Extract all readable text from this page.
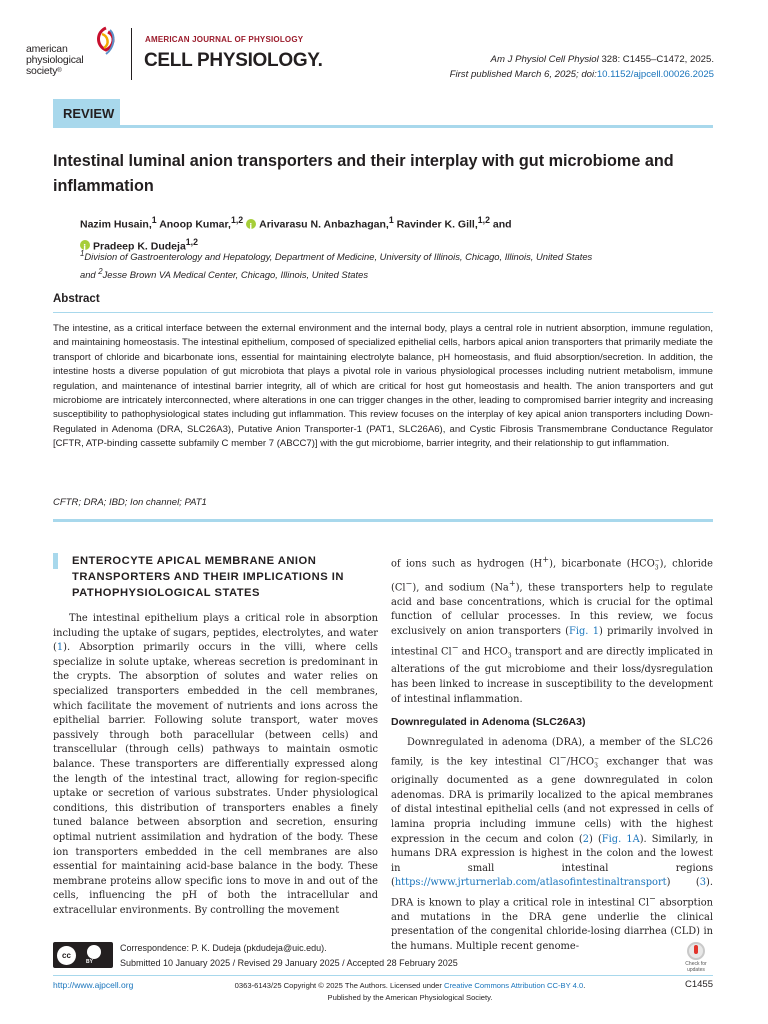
american
physiological
society®
AMERICAN JOURNAL OF PHYSIOLOGY
CELL PHYSIOLOGY.	Am J Physiol Cell Physiol 328: C1455–C1472, 2025.
First published March 6, 2025; doi:10.1152/ajpcell.00026.2025
REVIEW
Intestinal luminal anion transporters and their interplay with gut microbiome and inflammation
Nazim Husain,$^1$ Anoop Kumar,$^{1,2}$i Arivarasu N. Anbazhagan,$^1$ Ravinder K. Gill,$^{1,2}$ and
iPradeep K. Dudeja$^{1,2}$
$^1$Division of Gastroenterology and Hepatology, Department of Medicine, University of Illinois, Chicago, Illinois, United States
and $^2$Jesse Brown VA Medical Center, Chicago, Illinois, United States
Abstract
The intestine, as a critical interface between the external environment and the internal body, plays a central role in nutrient absorption, immune regulation, and maintaining homeostasis. The intestinal epithelium, composed of specialized epithelial cells, harbors apical anion transporters that primarily mediate the transport of chloride and bicarbonate ions, essential for maintaining electrolyte balance, pH homeostasis, and fluid absorption/secretion. In addition, the intestine hosts a diverse population of gut microbiota that plays a pivotal role in various physiological processes including nutrient metabolism, immune regulation, and maintenance of intestinal barrier integrity, all of which are critical for host gut homeostasis and health. The anion transporters and gut microbiome are intricately interconnected, where alterations in one can trigger changes in the other, leading to compromised barrier integrity and increasing susceptibility to pathophysiological states including gut inflammation. This review focuses on the interplay of key apical anion transporters including Down-Regulated in Adenoma (DRA, SLC26A3), Putative Anion Transporter-1 (PAT1, SLC26A6), and Cystic Fibrosis Transmembrane Conductance Regulator [CFTR, ATP-binding cassette subfamily C member 7 (ABCC7)] with the gut microbiome, barrier integrity, and their relationship to gut inflammation.
CFTR; DRA; IBD; Ion channel; PAT1
ENTEROCYTE APICAL MEMBRANE ANION TRANSPORTERS AND THEIR IMPLICATIONS IN PATHOPHYSIOLOGICAL STATES

The intestinal epithelium plays a critical role in absorption including the uptake of sugars, peptides, electrolytes, and water (1). Absorption primarily occurs in the villi, where cells specialize in solute uptake, whereas secretion is predominant in the crypts. The absorption of solutes and water relies on specialized transporters embedded in the cell membranes, which facilitate the movement of nutrients and ions across the epithelial barrier. Following solute transport, water moves passively through both paracellular (between cells) and transcellular (through cells) pathways to maintain osmotic balance. These transporters are differentially expressed along the length of the intestinal tract, allowing for region-specific uptake or secretion of various substrates. Under physiological conditions, this distribution of transporters enables a finely tuned balance between absorption and secretion, ensuring optimal nutrient assimilation and hydration of the body. These ion transporters embedded in the cell membranes are also essential for maintaining acid-base balance in the body. These membrane proteins allow specific ions to move in and out of the cells, influencing the pH of both the intracellular and extracellular environments. By controlling the movement

of ions such as hydrogen (H+), bicarbonate $(HCO_3^-)$, chloride (Cl−), and sodium (Na+), these transporters help to regulate acid and base concentrations, which is crucial for the optimal function of cellular processes. In this review, we focus exclusively on anion transporters (Fig. 1) primarily involved in intestinal Cl− and $HCO_3$ transport and are directly implicated in alterations of the gut microbiome and their loss/dysregulation has been linked to increase in susceptibility to the development of intestinal inflammation.

Downregulated in Adenoma (SLC26A3)

Downregulated in adenoma (DRA), a member of the SLC26 family, is the key intestinal $Cl^-/HCO_3^-$ exchanger that was originally documented as a gene downregulated in colon adenomas. DRA is primarily localized to the apical membranes of distal intestinal epithelial cells (and not expressed in cells of lamina propria including immune cells) with the highest expression in the cecum and colon (2) (Fig. 1A). Similarly, in humans DRA expression is highest in the colon and the lowest in small intestinal regions (https://www.jrturnerlab.com/atlasofintestinaltransport) (3). DRA is known to play a critical role in intestinal Cl− absorption and mutations in the DRA gene underlie the clinical presentation of the congenital chloride-losing diarrhea (CLD) in the humans. Multiple recent genome-

cc
BY
Correspondence: P. K. Dudeja (pkdudeja@uic.edu).
Submitted 10 January 2025 / Revised 29 January 2025 / Accepted 28 February 2025	Check for updates
http://www.ajpcell.org	0363-6143/25 Copyright © 2025 The Authors. Licensed under Creative Commons Attribution CC-BY 4.0.
Published by the American Physiological Society.
C1455
